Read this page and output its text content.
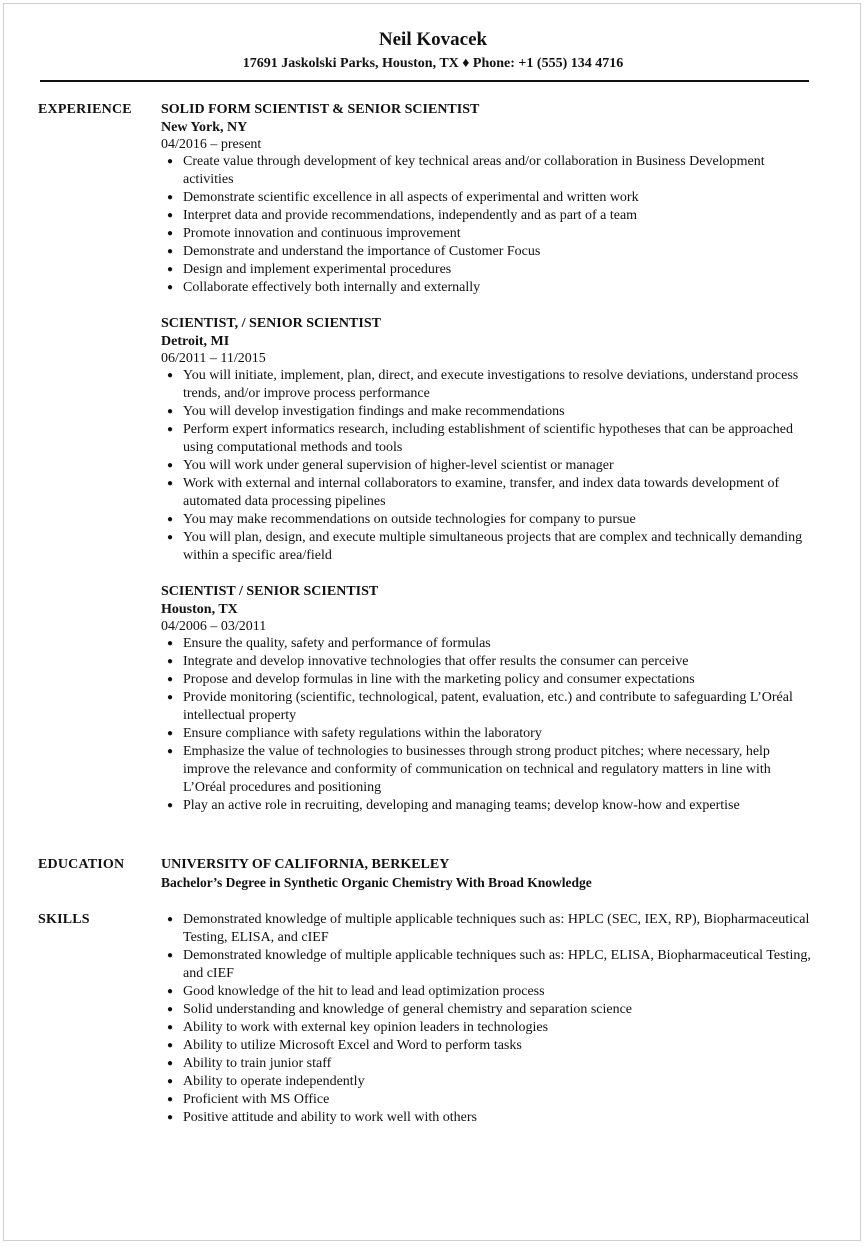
Neil Kovacek
17691 Jaskolski Parks, Houston, TX ♦ Phone: +1 (555) 134 4716
EXPERIENCE SOLID FORM SCIENTIST & SENIOR SCIENTIST
New York, NY
04/2016 – present
● Create value through development of key technical areas and/or collaboration in Business Development activities
● Demonstrate scientific excellence in all aspects of experimental and written work
● Interpret data and provide recommendations, independently and as part of a team
● Promote innovation and continuous improvement
● Demonstrate and understand the importance of Customer Focus
● Design and implement experimental procedures
● Collaborate effectively both internally and externally
SCIENTIST, / SENIOR SCIENTIST
Detroit, MI
06/2011 – 11/2015
● You will initiate, implement, plan, direct, and execute investigations to resolve deviations, understand process trends, and/or improve process performance
● You will develop investigation findings and make recommendations
● Perform expert informatics research, including establishment of scientific hypotheses that can be approached using computational methods and tools
● You will work under general supervision of higher-level scientist or manager
● Work with external and internal collaborators to examine, transfer, and index data towards development of automated data processing pipelines
● You may make recommendations on outside technologies for company to pursue
● You will plan, design, and execute multiple simultaneous projects that are complex and technically demanding within a specific area/field
SCIENTIST / SENIOR SCIENTIST
Houston, TX
04/2006 – 03/2011
● Ensure the quality, safety and performance of formulas
● Integrate and develop innovative technologies that offer results the consumer can perceive
● Propose and develop formulas in line with the marketing policy and consumer expectations
● Provide monitoring (scientific, technological, patent, evaluation, etc.) and contribute to safeguarding L’Oréal intellectual property
● Ensure compliance with safety regulations within the laboratory
● Emphasize the value of technologies to businesses through strong product pitches; where necessary, help improve the relevance and conformity of communication on technical and regulatory matters in line with L’Oréal procedures and positioning
● Play an active role in recruiting, developing and managing teams; develop know-how and expertise
EDUCATION	UNIVERSITY OF CALIFORNIA, BERKELEY
Bachelor’s Degree in Synthetic Organic Chemistry With Broad Knowledge
SKILLS	● Demonstrated knowledge of multiple applicable techniques such as: HPLC (SEC, IEX, RP), Biopharmaceutical Testing, ELISA, and cIEF
● Demonstrated knowledge of multiple applicable techniques such as: HPLC, ELISA, Biopharmaceutical Testing, and cIEF
● Good knowledge of the hit to lead and lead optimization process
● Solid understanding and knowledge of general chemistry and separation science
● Ability to work with external key opinion leaders in technologies
● Ability to utilize Microsoft Excel and Word to perform tasks
● Ability to train junior staff
● Ability to operate independently
● Proficient with MS Office
● Positive attitude and ability to work well with others
